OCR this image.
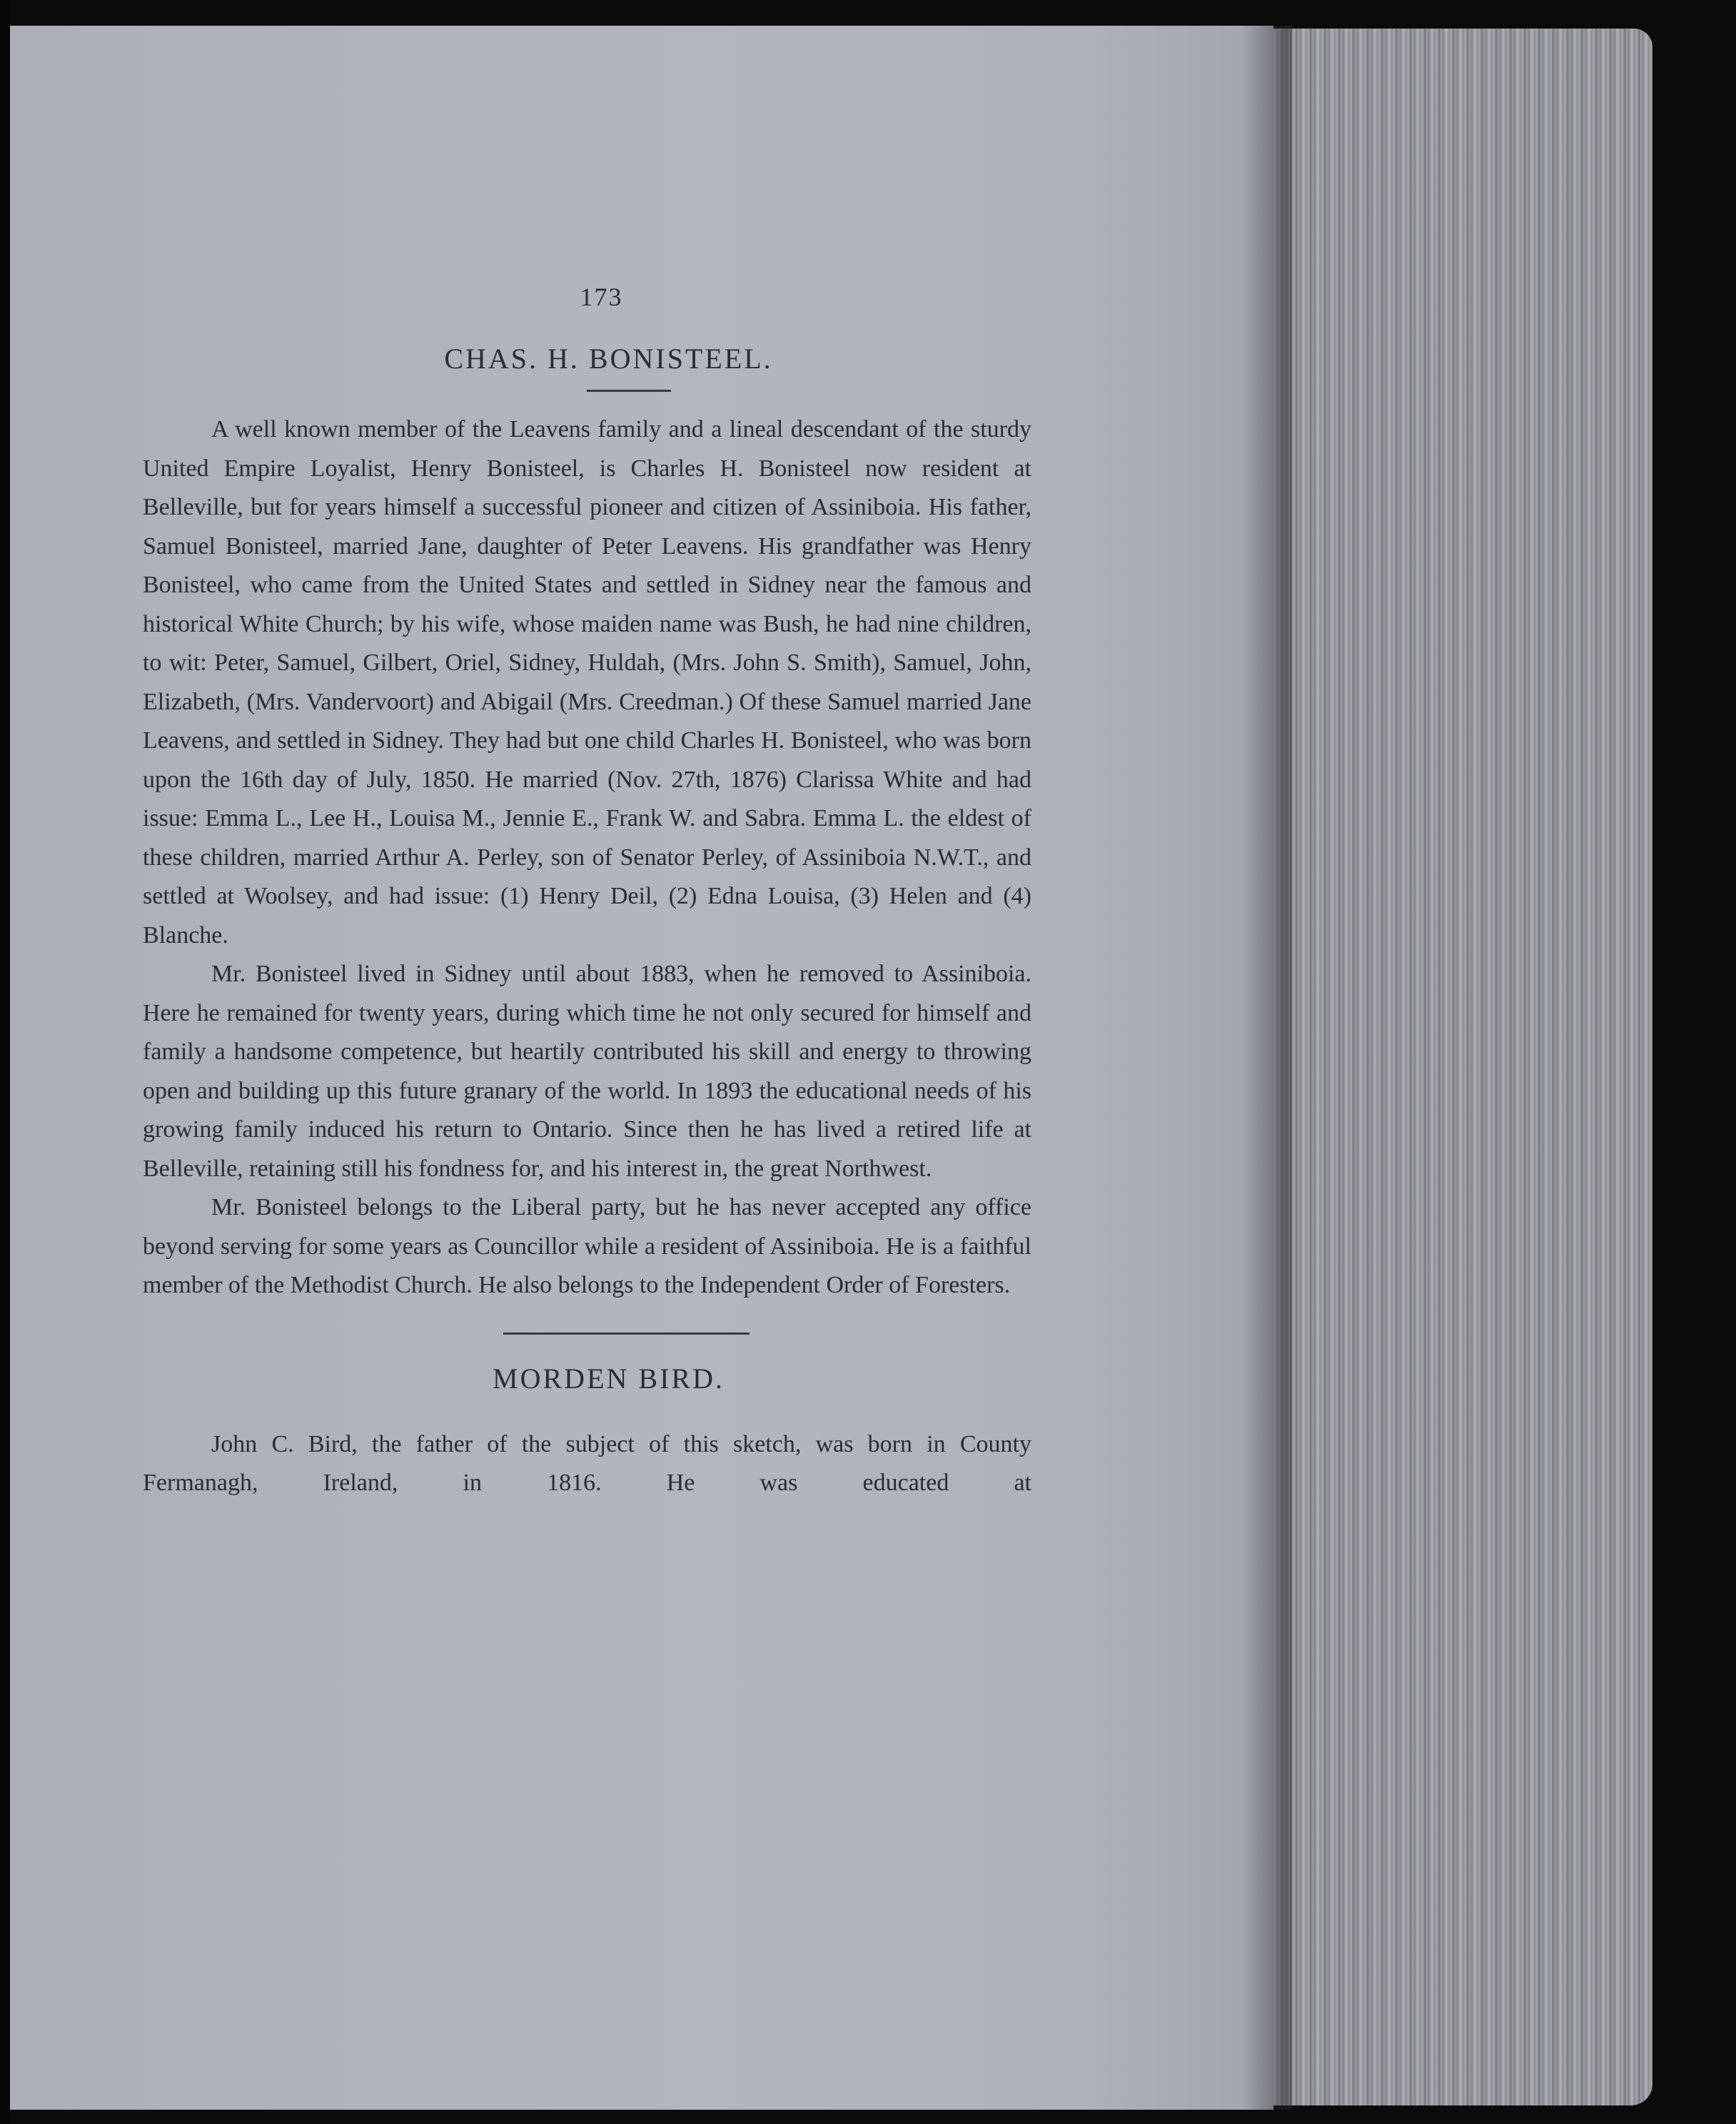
173
CHAS. H. BONISTEEL.

A well known member of the Leavens family and a lineal descendant of the sturdy United Empire Loyalist, Henry Bonisteel, is Charles H. Bonisteel now resident at Belleville, but for years himself a successful pioneer and citizen of Assiniboia. His father, Samuel Bonisteel, married Jane, daughter of Peter Leavens. His grandfather was Henry Bonisteel, who came from the United States and settled in Sidney near the famous and historical White Church; by his wife, whose maiden name was Bush, he had nine children, to wit: Peter, Samuel, Gilbert, Oriel, Sidney, Huldah, (Mrs. John S. Smith), Samuel, John, Elizabeth, (Mrs. Vandervoort) and Abigail (Mrs. Creedman.) Of these Samuel married Jane Leavens, and settled in Sidney. They had but one child Charles H. Bonisteel, who was born upon the 16th day of July, 1850. He married (Nov. 27th, 1876) Clarissa White and had issue: Emma L., Lee H., Louisa M., Jennie E., Frank W. and Sabra. Emma L. the eldest of these children, married Arthur A. Perley, son of Senator Perley, of Assiniboia N.W.T., and settled at Woolsey, and had issue: (1) Henry Deil, (2) Edna Louisa, (3) Helen and (4) Blanche.

Mr. Bonisteel lived in Sidney until about 1883, when he removed to Assiniboia. Here he remained for twenty years, during which time he not only secured for himself and family a handsome competence, but heartily contributed his skill and energy to throwing open and building up this future granary of the world. In 1893 the educational needs of his growing family induced his return to Ontario. Since then he has lived a retired life at Belleville, retaining still his fondness for, and his interest in, the great Northwest.

Mr. Bonisteel belongs to the Liberal party, but he has never accepted any office beyond serving for some years as Councillor while a resident of Assiniboia. He is a faithful member of the Methodist Church. He also belongs to the Independent Order of Foresters.

MORDEN BIRD.

John C. Bird, the father of the subject of this sketch, was born in County Fermanagh, Ireland, in 1816. He was educated at
